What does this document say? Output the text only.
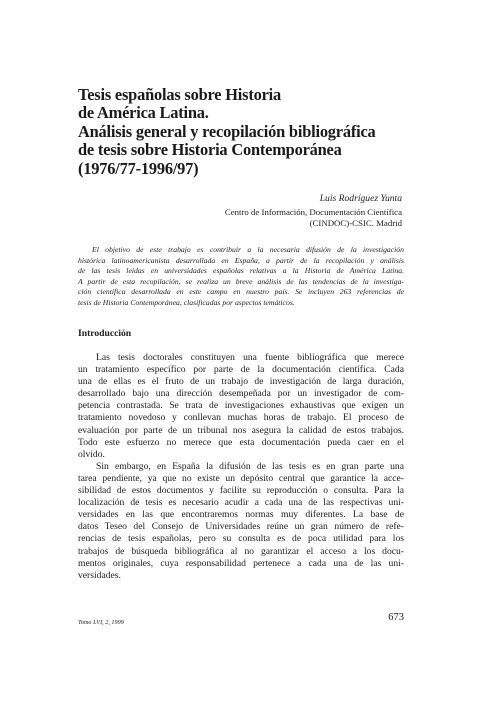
Tesis españolas sobre Historia
de América Latina.
Análisis general y recopilación bibliográfica
de tesis sobre Historia Contemporánea
(1976/77-1996/97)
Luis Rodríguez Yunta
Centro de Información, Documentación Científica
(CINDOC)-CSIC. Madrid
El objetivo de este trabajo es contribuir a la necesaria difusión de la investigación
histórica latinoamericanista desarrollada en España, a partir de la recopilación y análisis
de las tesis leídas en universidades españolas relativas a la Historia de América Latina.
A partir de esta recopilación, se realiza un breve análisis de las tendencias de la investiga-
ción científica desarrollada en este campo en nuestro país. Se incluyen 263 referencias de
tesis de Historia Contemporánea, clasificadas por aspectos temáticos.
Introducción
Las tesis doctorales constituyen una fuente bibliográfica que merece
un tratamiento específico por parte de la documentación científica. Cada
una de ellas es el fruto de un trabajo de investigación de larga duración,
desarrollado bajo una dirección desempeñada por un investigador de com-
petencia contrastada. Se trata de investigaciones exhaustivas que exigen un
tratamiento novedoso y conllevan muchas horas de trabajo. El proceso de
evaluación por parte de un tribunal nos asegura la calidad de estos trabajos.
Todo este esfuerzo no merece que esta documentación pueda caer en el
olvido.
Sin embargo, en España la difusión de las tesis es en gran parte una
tarea pendiente, ya que no existe un depósito central que garantice la acce-
sibilidad de estos documentos y facilite su reproducción o consulta. Para la
localización de tesis es necesario acudir a cada una de las respectivas uni-
versidades en las que encontraremos normas muy diferentes. La base de
datos Teseo del Consejo de Universidades reúne un gran número de refe-
rencias de tesis españolas, pero su consulta es de poca utilidad para los
trabajos de búsqueda bibliográfica al no garantizar el acceso a los docu-
mentos originales, cuya responsabilidad pertenece a cada una de las uni-
versidades.
Tomo LVI, 2, 1999	673
